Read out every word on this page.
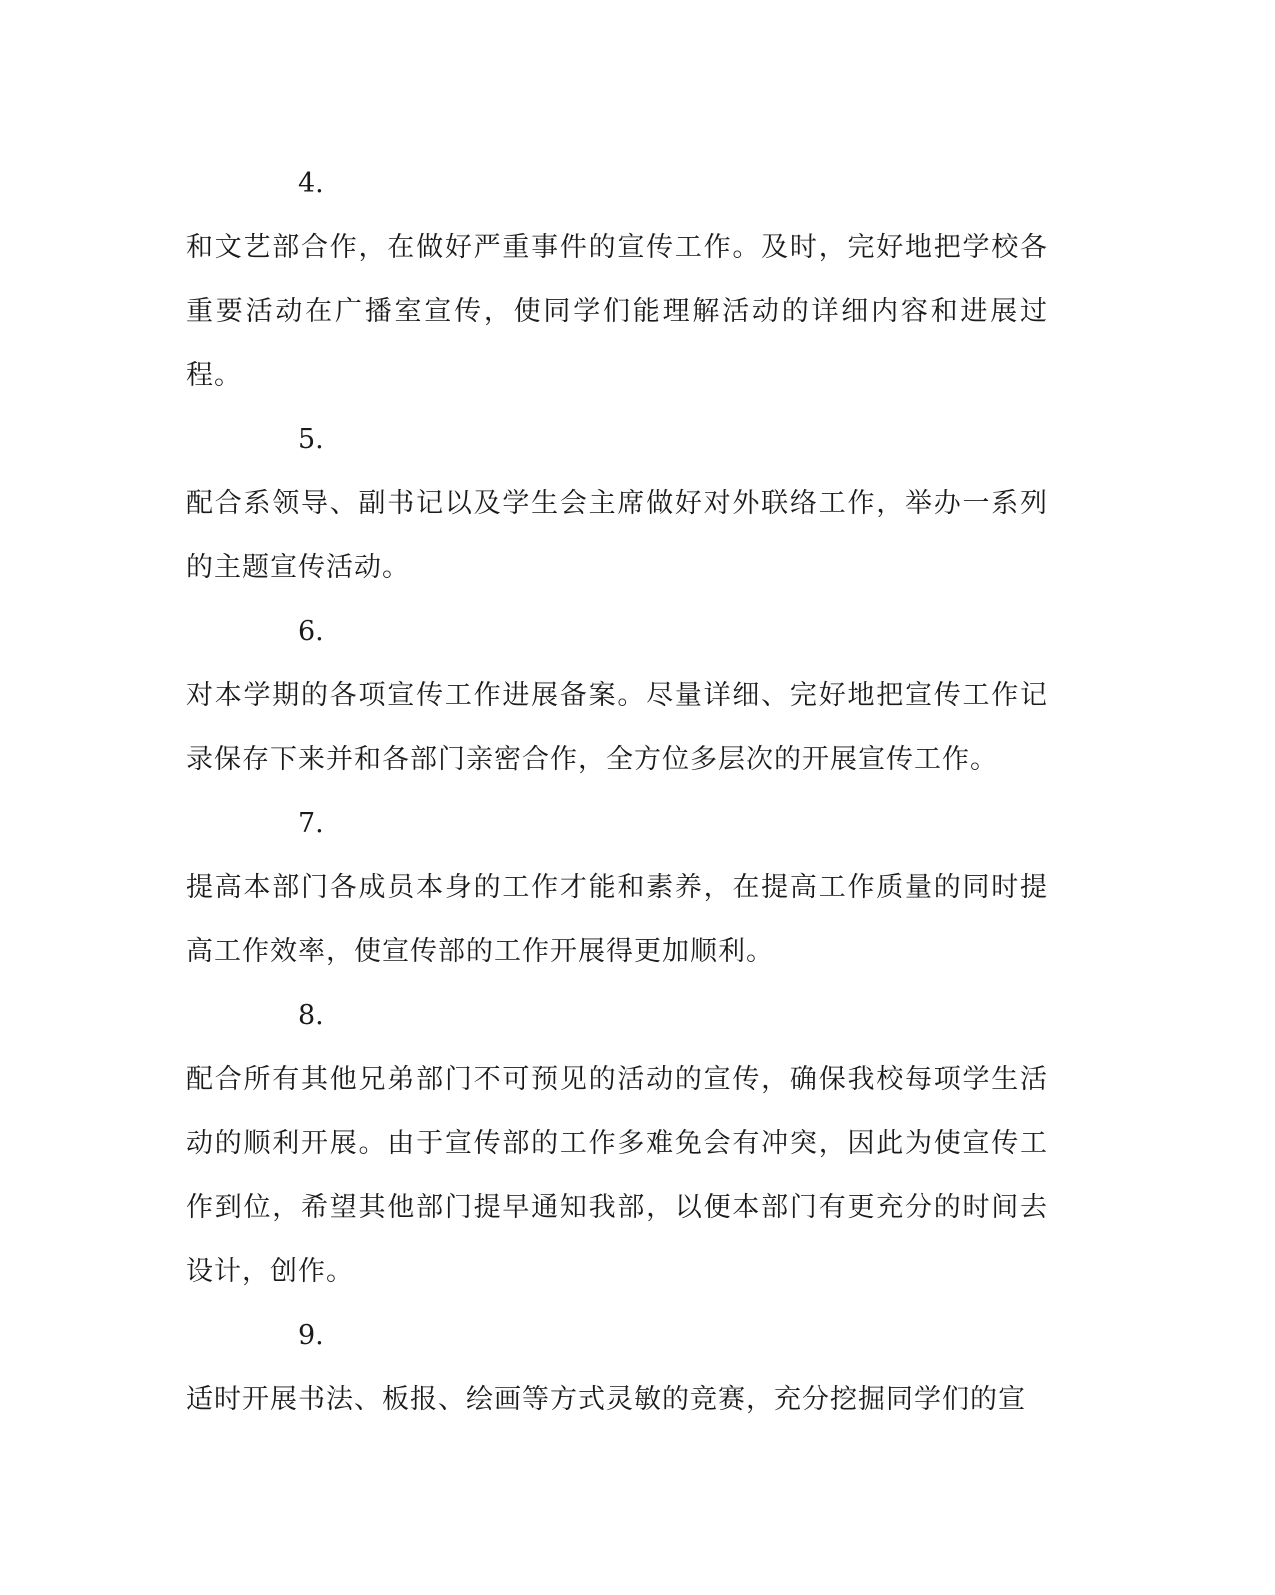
4.

和文艺部合作，在做好严重事件的宣传工作。及时，完好地把学校各重要活动在广播室宣传，使同学们能理解活动的详细内容和进展过程。

5.

配合系领导、副书记以及学生会主席做好对外联络工作，举办一系列的主题宣传活动。

6.

对本学期的各项宣传工作进展备案。尽量详细、完好地把宣传工作记录保存下来并和各部门亲密合作，全方位多层次的开展宣传工作。

7.

提高本部门各成员本身的工作才能和素养，在提高工作质量的同时提高工作效率，使宣传部的工作开展得更加顺利。

8.

配合所有其他兄弟部门不可预见的活动的宣传，确保我校每项学生活动的顺利开展。由于宣传部的工作多难免会有冲突，因此为使宣传工作到位，希望其他部门提早通知我部，以便本部门有更充分的时间去设计，创作。

9.

适时开展书法、板报、绘画等方式灵敏的竞赛，充分挖掘同学们的宣
